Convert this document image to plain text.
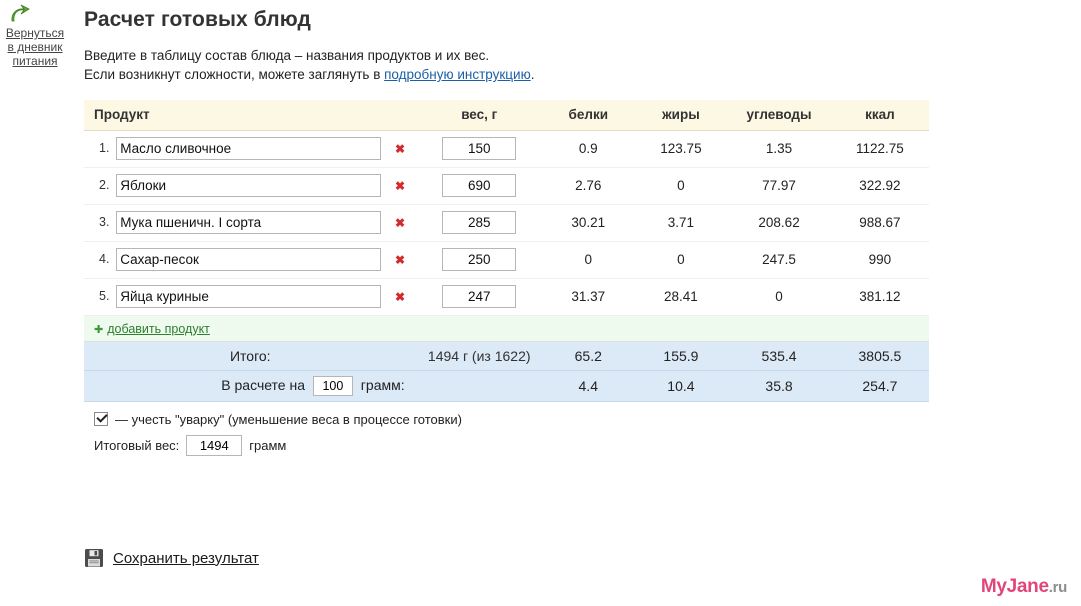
Вернуться
в дневник
питания
Расчет готовых блюд
Введите в таблицу состав блюда – названия продуктов и их вес.
Если возникнут сложности, можете заглянуть в подробную инструкцию.
Продукт	вес, г	белки	жиры	углеводы	ккал
1. Масло сливочное ✖	150	0.9	123.75	1.35	1122.75
2. Яблоки ✖	690	2.76	0	77.97	322.92
3. Мука пшеничн. I сорта ✖	285	30.21	3.71	208.62	988.67
4. Сахар-песок ✖	250	0	0	247.5	990
5. Яйца куриные ✖	247	31.37	28.41	0	381.12
✚ добавить продукт					
Итого:	1494 г (из 1622)	65.2	155.9	535.4	3805.5
В расчете на 100 грамм:		4.4	10.4	35.8	254.7
— учесть "уварку" (уменьшение веса в процессе готовки)
Итоговый вес:
1494	грамм
Сохранить результат
MyJane.ru
